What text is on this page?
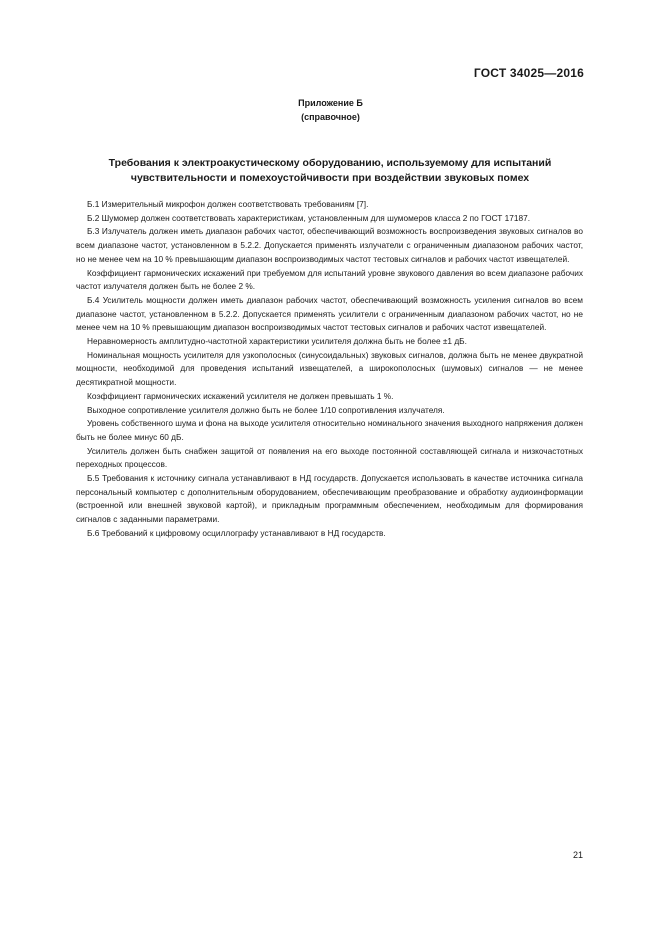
ГОСТ 34025—2016
Приложение Б
(справочное)
Требования к электроакустическому оборудованию, используемому для испытаний
чувствительности и помехоустойчивости при воздействии звуковых помех

Б.1 Измерительный микрофон должен соответствовать требованиям [7].

Б.2 Шумомер должен соответствовать характеристикам, установленным для шумомеров класса 2 по ГОСТ 17187.

Б.3 Излучатель должен иметь диапазон рабочих частот, обеспечивающий возможность воспроизведения звуковых сигналов во всем диапазоне частот, установленном в 5.2.2. Допускается применять излучатели с ограниченным диапазоном рабочих частот, но не менее чем на 10 % превышающим диапазон воспроизводимых частот тестовых сигналов и рабочих частот извещателей.

Коэффициент гармонических искажений при требуемом для испытаний уровне звукового давления во всем диапазоне рабочих частот излучателя должен быть не более 2 %.

Б.4 Усилитель мощности должен иметь диапазон рабочих частот, обеспечивающий возможность усиления сигналов во всем диапазоне частот, установленном в 5.2.2. Допускается применять усилители с ограниченным диапазоном рабочих частот, но не менее чем на 10 % превышающим диапазон воспроизводимых частот тестовых сигналов и рабочих частот извещателей.

Неравномерность амплитудно-частотной характеристики усилителя должна быть не более ±1 дБ.

Номинальная мощность усилителя для узкополосных (синусоидальных) звуковых сигналов, должна быть не менее двукратной мощности, необходимой для проведения испытаний извещателей, а широкополосных (шумовых) сигналов — не менее десятикратной мощности.

Коэффициент гармонических искажений усилителя не должен превышать 1 %.

Выходное сопротивление усилителя должно быть не более 1/10 сопротивления излучателя.

Уровень собственного шума и фона на выходе усилителя относительно номинального значения выходного напряжения должен быть не более минус 60 дБ.

Усилитель должен быть снабжен защитой от появления на его выходе постоянной составляющей сигнала и низкочастотных переходных процессов.

Б.5 Требования к источнику сигнала устанавливают в НД государств. Допускается использовать в качестве источника сигнала персональный компьютер с дополнительным оборудованием, обеспечивающим преобразование и обработку аудиоинформации (встроенной или внешней звуковой картой), и прикладным программным обеспечением, необходимым для формирования сигналов с заданными параметрами.

Б.6 Требований к цифровому осциллографу устанавливают в НД государств.

21
